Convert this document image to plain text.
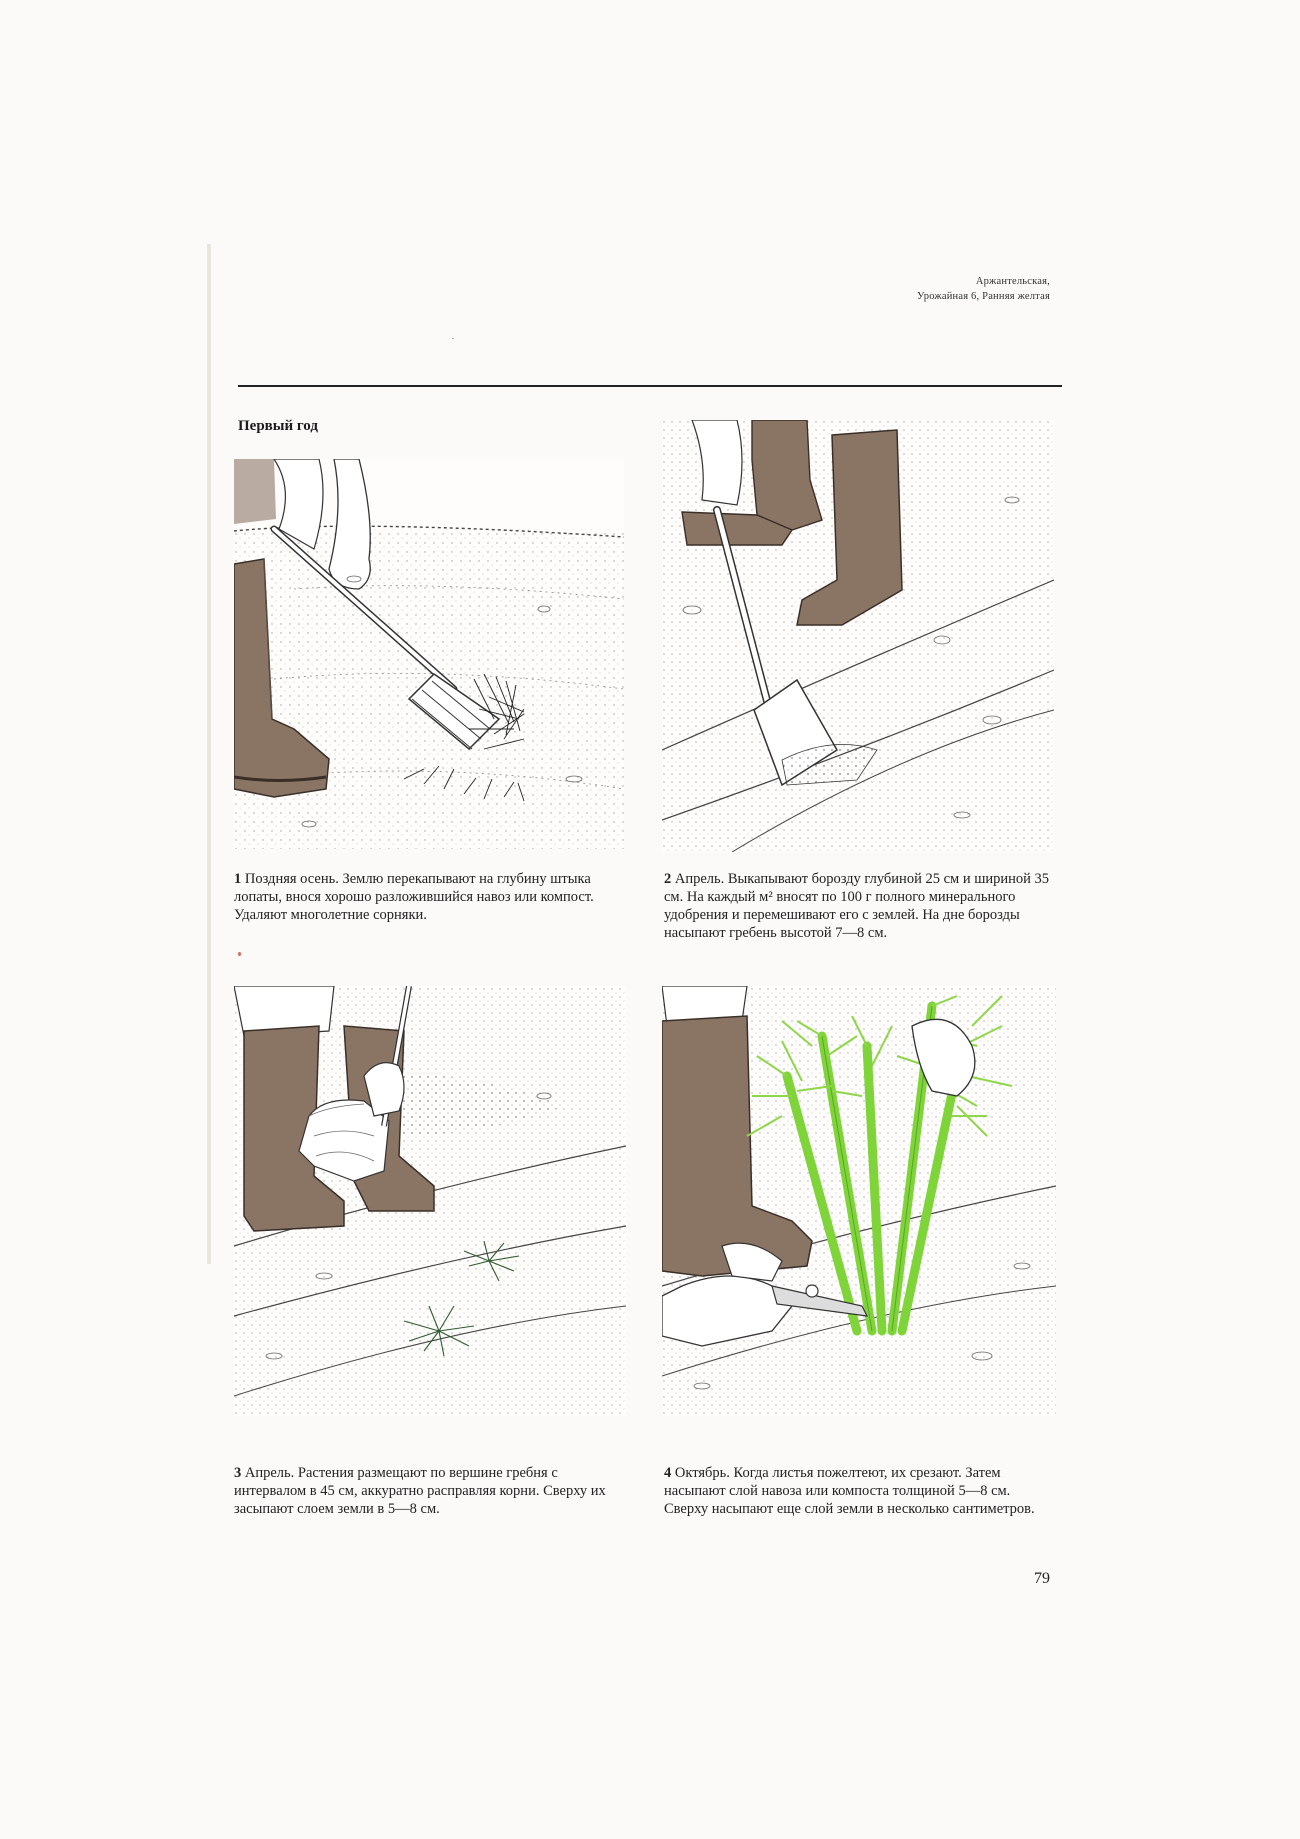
Аржантельская,
Урожайная 6, Ранняя желтая
Первый год
1 Поздняя осень. Землю перекапывают на глубину штыка лопаты, внося хорошо разложившийся навоз или компост. Удаляют многолетние сорняки.
2 Апрель. Выкапывают борозду глубиной 25 см и шириной 35 см. На каждый м² вносят по 100 г полного минерального удобрения и перемешивают его с землей. На дне борозды насыпают гребень высотой 7—8 см.
3 Апрель. Растения размещают по вершине гребня с интервалом в 45 см, аккуратно расправляя корни. Сверху их засыпают слоем земли в 5—8 см.
4 Октябрь. Когда листья пожелтеют, их срезают. Затем насыпают слой навоза или компоста толщиной 5—8 см. Сверху насыпают еще слой земли в несколько сантиметров.
79
